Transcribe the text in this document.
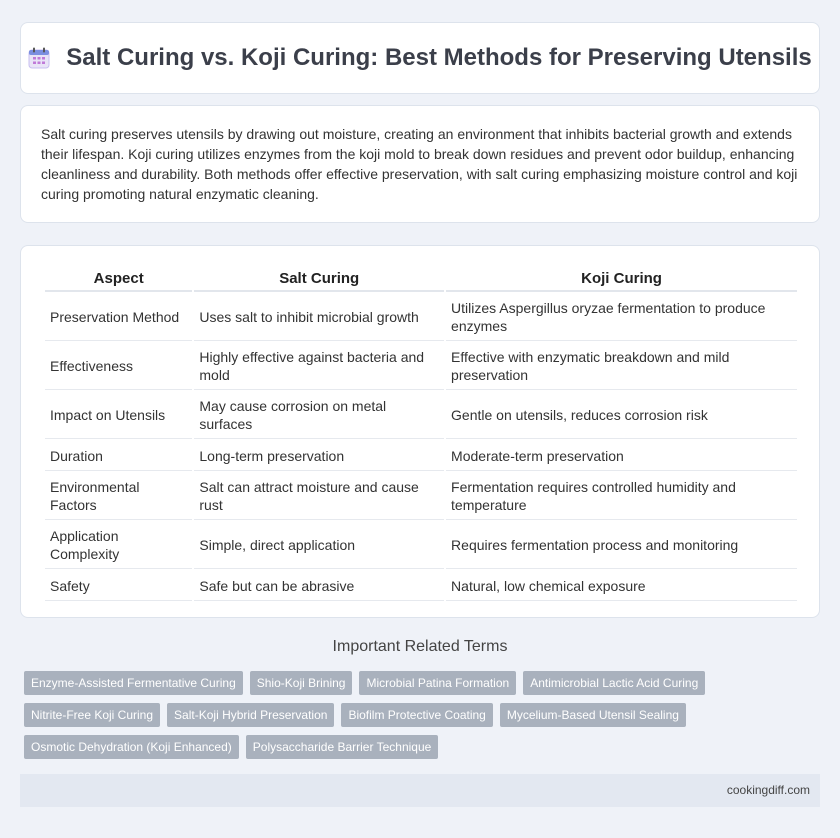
Salt Curing vs. Koji Curing: Best Methods for Preserving Utensils

Salt curing preserves utensils by drawing out moisture, creating an environment that inhibits bacterial growth and extends their lifespan. Koji curing utilizes enzymes from the koji mold to break down residues and prevent odor buildup, enhancing cleanliness and durability. Both methods offer effective preservation, with salt curing emphasizing moisture control and koji curing promoting natural enzymatic cleaning.

Aspect	Salt Curing	Koji Curing
Preservation Method	Uses salt to inhibit microbial growth	Utilizes Aspergillus oryzae fermentation to produce enzymes
Effectiveness	Highly effective against bacteria and mold	Effective with enzymatic breakdown and mild preservation
Impact on Utensils	May cause corrosion on metal surfaces	Gentle on utensils, reduces corrosion risk
Duration	Long-term preservation	Moderate-term preservation
Environmental Factors	Salt can attract moisture and cause rust	Fermentation requires controlled humidity and temperature
Application Complexity	Simple, direct application	Requires fermentation process and monitoring
Safety	Safe but can be abrasive	Natural, low chemical exposure
Important Related Terms
Enzyme-Assisted Fermentative Curing	Shio-Koji Brining	Microbial Patina Formation	Antimicrobial Lactic Acid Curing
Nitrite-Free Koji Curing	Salt-Koji Hybrid Preservation	Biofilm Protective Coating	Mycelium-Based Utensil Sealing
Osmotic Dehydration (Koji Enhanced)	Polysaccharide Barrier Technique
cookingdiff.com
